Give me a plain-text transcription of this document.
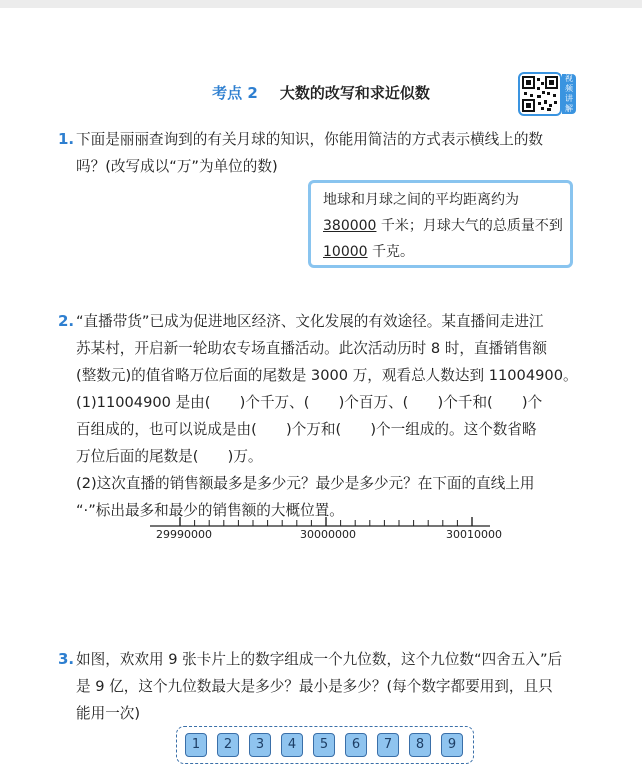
考点 2 大数的改写和求近似数
视频讲解
1. 下面是丽丽查询到的有关月球的知识，你能用简洁的方式表示横线上的数
吗？(改写成以“万”为单位的数)
地球和月球之间的平均距离约为
380000 千米；月球大气的总质量不到
10000 千克。
2. “直播带货”已成为促进地区经济、文化发展的有效途径。某直播间走进江
苏某村，开启新一轮助农专场直播活动。此次活动历时 8 时，直播销售额
(整数元)的值省略万位后面的尾数是 3000 万，观看总人数达到 11004900。
(1)11004900 是由(　　)个千万、(　　)个百万、(　　)个千和(　　)个
百组成的，也可以说成是由(　　)个万和(　　)个一组成的。这个数省略
万位后面的尾数是(　　)万。
(2)这次直播的销售额最多是多少元？最少是多少元？在下面的直线上用
“·”标出最多和最少的销售额的大概位置。
29990000	30000000	30010000
3. 如图，欢欢用 9 张卡片上的数字组成一个九位数，这个九位数“四舍五入”后
是 9 亿，这个九位数最大是多少？最小是多少？(每个数字都要用到，且只
能用一次)
1	2	3	4	5	6	7	8	9
